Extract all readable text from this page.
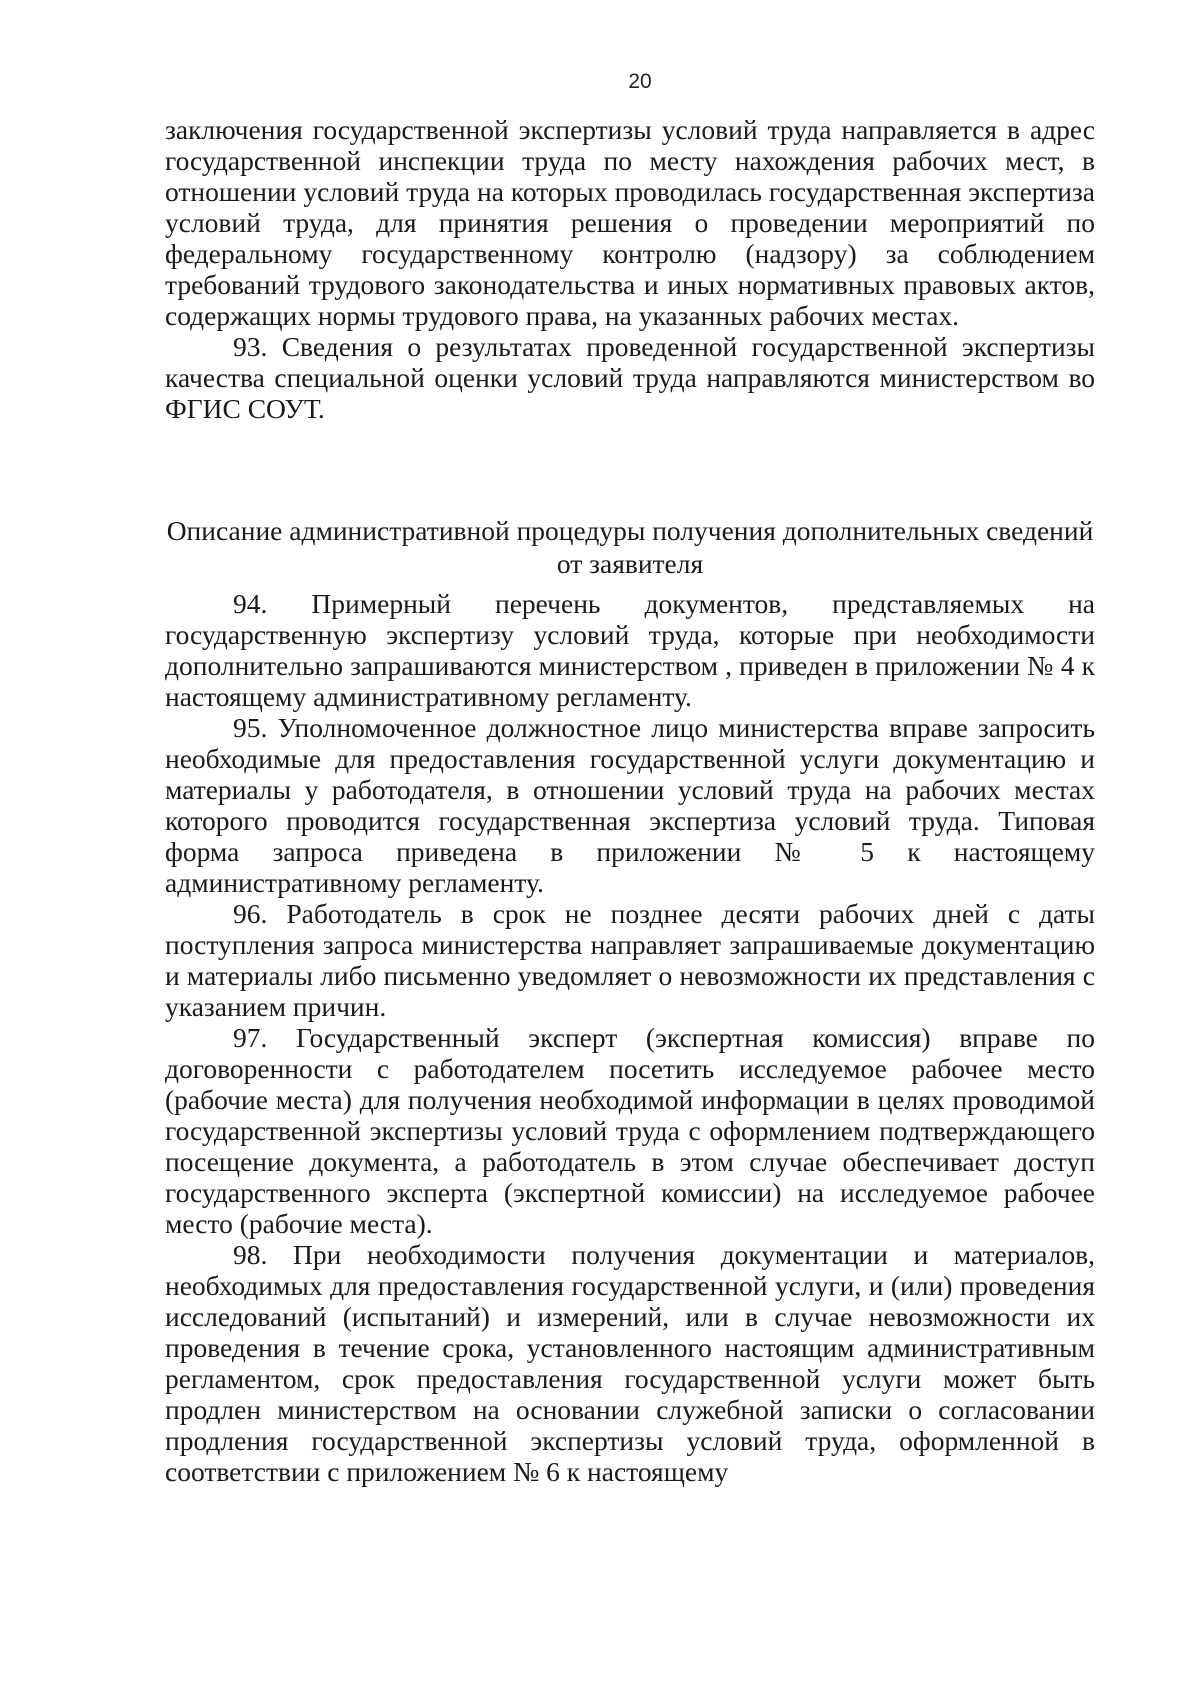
20

заключения государственной экспертизы условий труда направляется в адрес государственной инспекции труда по месту нахождения рабочих мест, в отношении условий труда на которых проводилась государственная экспертиза условий труда, для принятия решения о проведении мероприятий по федеральному государственному контролю (надзору) за соблюдением требований трудового законодательства и иных нормативных правовых актов, содержащих нормы трудового права, на указанных рабочих местах.

93. Сведения о результатах проведенной государственной экспертизы качества специальной оценки условий труда направляются министерством во ФГИС СОУТ.

Описание административной процедуры получения дополнительных сведений от заявителя

94. Примерный перечень документов, представляемых на государственную экспертизу условий труда, которые при необходимости дополнительно запрашиваются министерством , приведен в приложении № 4 к настоящему административному регламенту.

95. Уполномоченное должностное лицо министерства вправе запросить необходимые для предоставления государственной услуги документацию и материалы у работодателя, в отношении условий труда на рабочих местах которого проводится государственная экспертиза условий труда. Типовая форма запроса приведена в приложении № 5 к настоящему административному регламенту.

96. Работодатель в срок не позднее десяти рабочих дней с даты поступления запроса министерства направляет запрашиваемые документацию и материалы либо письменно уведомляет о невозможности их представления с указанием причин.

97. Государственный эксперт (экспертная комиссия) вправе по договоренности с работодателем посетить исследуемое рабочее место (рабочие места) для получения необходимой информации в целях проводимой государственной экспертизы условий труда с оформлением подтверждающего посещение документа, а работодатель в этом случае обеспечивает доступ государственного эксперта (экспертной комиссии) на исследуемое рабочее место (рабочие места).

98. При необходимости получения документации и материалов, необходимых для предоставления государственной услуги, и (или) проведения исследований (испытаний) и измерений, или в случае невозможности их проведения в течение срока, установленного настоящим административным регламентом, срок предоставления государственной услуги может быть продлен министерством на основании служебной записки о согласовании продления государственной экспертизы условий труда, оформленной в соответствии с приложением № 6 к настоящему
